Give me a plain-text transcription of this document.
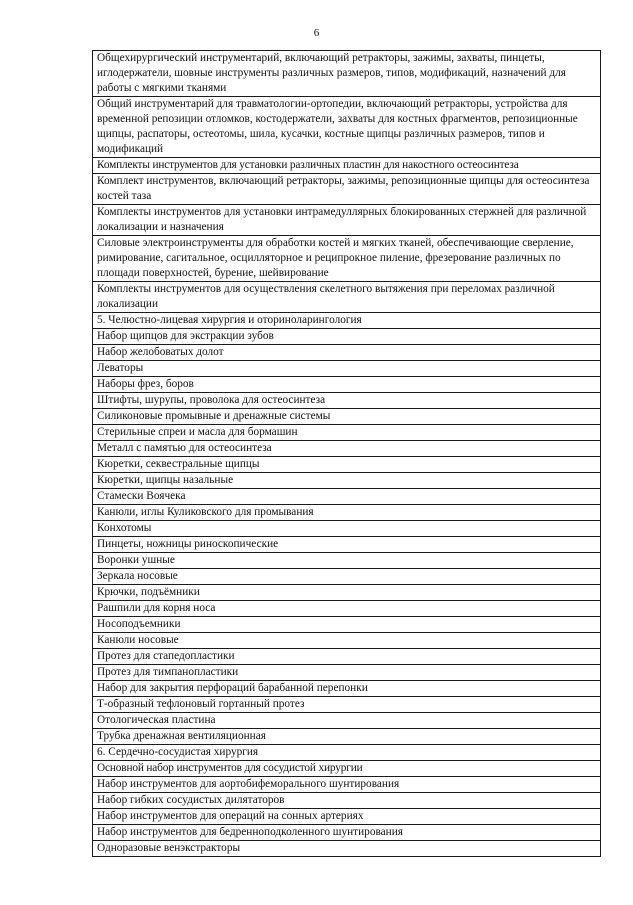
6
Общехирургический инструментарий, включающий ретракторы, зажимы, захваты, пинцеты, иглодержатели, шовные инструменты различных размеров, типов, модификаций, назначений для работы с мягкими тканями
Общий инструментарий для травматологии-ортопедии, включающий ретракторы, устройства для временной репозиции отломков, костодержатели, захваты для костных фрагментов, репозиционные щипцы, распаторы, остеотомы, шила, кусачки, костные щипцы различных размеров, типов и модификаций
Комплекты инструментов для установки различных пластин для накостного остеосинтеза
Комплект инструментов, включающий ретракторы, зажимы, репозиционные щипцы для остеосинтеза костей таза
Комплекты инструментов для установки интрамедуллярных блокированных стержней для различной локализации и назначения
Силовые электроинструменты для обработки костей и мягких тканей, обеспечивающие сверление, римирование, сагитальное, осцилляторное и реципрокное пиление, фрезерование различных по площади поверхностей, бурение, шейвирование
Комплекты инструментов для осуществления скелетного вытяжения при переломах различной локализации
5. Челюстно-лицевая хирургия и оториноларингология
Набор щипцов для экстракции зубов
Набор желобоватых долот
Леваторы
Наборы фрез, боров
Штифты, шурупы, проволока для остеосинтеза
Силиконовые промывные и дренажные системы
Стерильные спреи и масла для бормашин
Металл с памятью для остеосинтеза
Кюретки, секвестральные щипцы
Кюретки, щипцы назальные
Стамески Воячека
Канюли, иглы Куликовского для промывания
Конхотомы
Пинцеты, ножницы риноскопические
Воронки ушные
Зеркала носовые
Крючки, подъёмники
Рашпили для корня носа
Носоподъемники
Канюли носовые
Протез для стапедопластики
Протез для тимпанопластики
Набор для закрытия перфораций барабанной перепонки
Т-образный тефлоновый гортанный протез
Отологическая пластина
Трубка дренажная вентиляционная
6. Сердечно-сосудистая хирургия
Основной набор инструментов для сосудистой хирургии
Набор инструментов для аортобифеморального шунтирования
Набор гибких сосудистых дилятаторов
Набор инструментов для операций на сонных артериях
Набор инструментов для бедренноподколенного шунтирования
Одноразовые венэкстракторы
